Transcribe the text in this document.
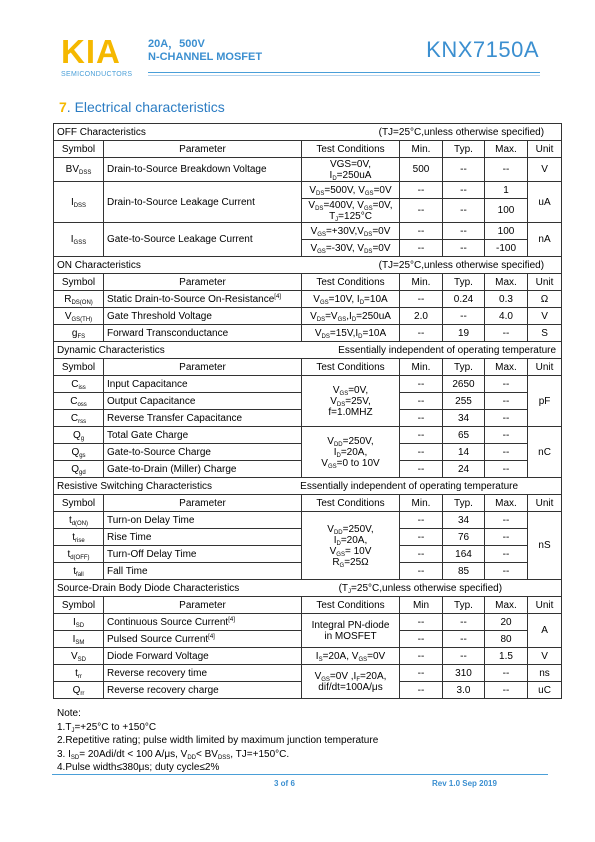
KIA
SEMICONDUCTORS
20A，500V
N-CHANNEL MOSFET	KNX7150A
7. Electrical characteristics
OFF Characteristics (TJ=25°C,unless otherwise specified)						

Symbol	Parameter	Test Conditions	Min.	Typ.	Max.	Unit
$BV_{DSS}$	Drain-to-Source Breakdown Voltage	VGS=0V,
$I_D=250uA$	500	--	--	V
$I_{DSS}$	Drain-to-Source Leakage Current	$V_{DS}=500V$, $V_{GS}=0V$	--	--	1	uA

		$V_{DS}=400V$, $V_{GS}=0V$,
$T_J=125^\circ C$	--	--	100	
$I_{GSS}$	Gate-to-Source Leakage Current	$V_{GS}=+30V,V_{DS}=0V$	--	--	100	nA
		$V_{GS}=-30V$, $V_{DS}=0V$	--	--	-100	

ON Characteristics (TJ=25°C,unless otherwise specified)						

Symbol	Parameter	Test Conditions	Min.	Typ.	Max.	Unit
$R_{DS(ON)}$	Static Drain-to-Source On-Resistance[4]	$V_{GS}=10V$, $I_D=10A$	--	0.24	0.3	Ω
$V_{GS(TH)}$	Gate Threshold Voltage	$V_{DS}=V_{GS},I_D=250uA$	2.0	--	4.0	V
$g_{FS}$	Forward Transconductance	$V_{DS}=15V,I_D=10A$	--	19	--	S

Dynamic Characteristics Essentially independent of operating temperature						

Symbol	Parameter	Test Conditions	Min.	Typ.	Max.	Unit
$C_{iss}$	Input Capacitance	$V_{GS}=0V$,
$V_{DS}=25V$,
f=1.0MHZ	--	2650	--	pF
$C_{oss}$	Output Capacitance		--	255	--	
$C_{rss}$	Reverse Transfer Capacitance		--	34	--	
$Q_g$	Total Gate Charge	$V_{DD}=250V$,
$I_D=20A$,
$V_{GS}=0$ to 10V	--	65	--	nC
$Q_{gs}$	Gate-to-Source Charge		--	14	--	
$Q_{gd}$	Gate-to-Drain (Miller) Charge		--	24	--	

Resistive Switching Characteristics Essentially independent of operating temperature						

Symbol	Parameter	Test Conditions	Min.	Typ.	Max.	Unit
$t_{d(ON)}$	Turn-on Delay Time	$V_{DD}=250V$,
$I_D=20A$,
$V_{GS}= 10V$
$R_G=25\Omega$	--	34	--	nS
$t_{rise}$	Rise Time		--	76	--	
$t_{d(OFF)}$	Turn-Off Delay Time		--	164	--	
$t_{fall}$	Fall Time		--	85	--	

Source-Drain Body Diode Characteristics ($T_J=25^\circ C,unless$ otherwise specified)						

Symbol	Parameter	Test Conditions	Min	Typ.	Max.	Unit
$I_{SD}$	Continuous Source Current[4]	Integral PN-diode
in MOSFET	--	--	20	A
$I_{SM}$	Pulsed Source Current[4]		--	--	80	
$V_{SD}$	Diode Forward Voltage	$I_S=20A$, $V_{GS}=0V$	--	--	1.5	V
$t_{rr}$	Reverse recovery time	$V_{GS}=0V$ $,I_F=20A$,
dif/dt=100A/μs	--	310	--	ns
$Q_{rr}$	Reverse recovery charge		--	3.0	--	uC
Note:
$1.T_J=+25^\circ C$ to +150°C
2.Repetitive rating; pulse width limited by maximum junction temperature
3. $I_{SD}= 20Adi/dt < 100$ A/μs, $V_{DD}< BV_{DSS}$, TJ=+150°C.
4.Pulse width≤380μs; duty cycle≤2%
3 of 6	Rev 1.0 Sep 2019
